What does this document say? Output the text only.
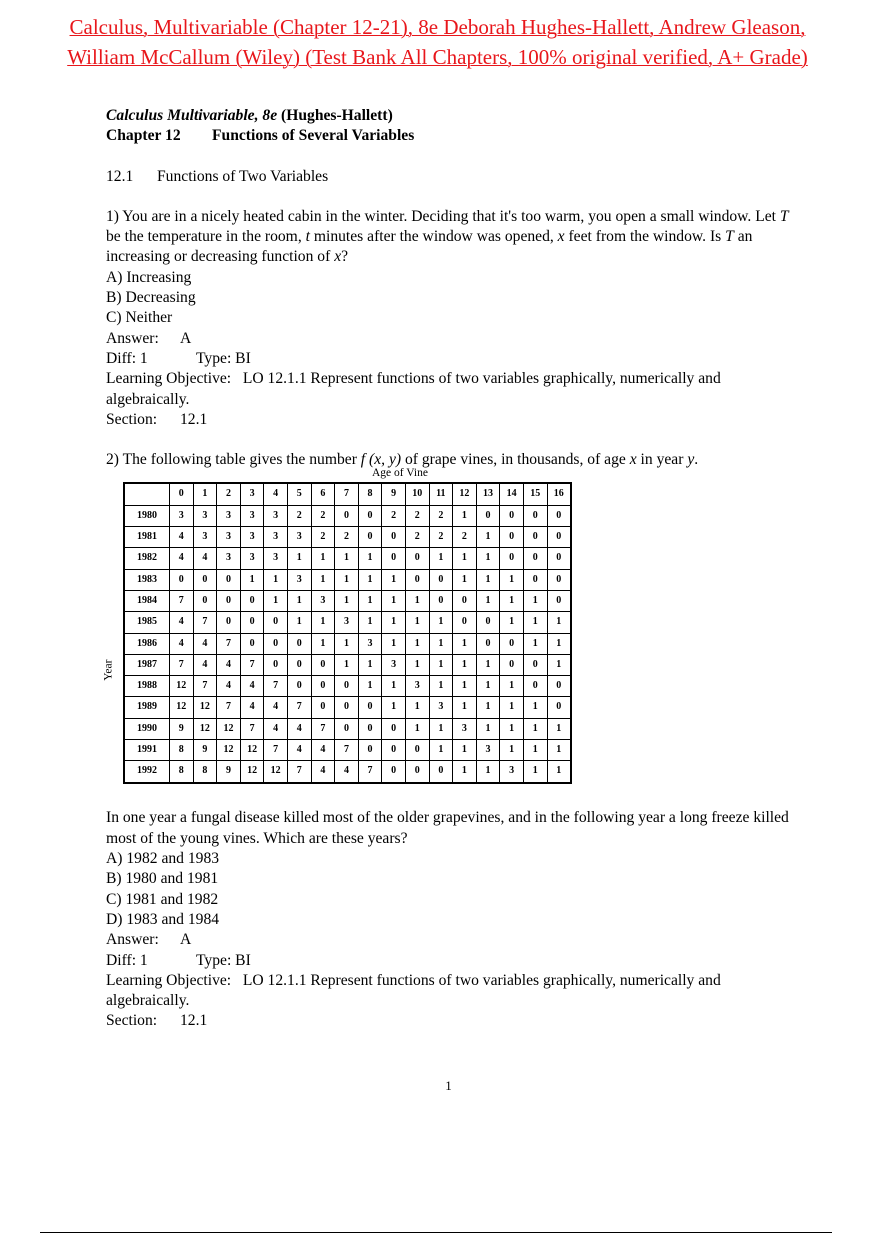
Calculus, Multivariable (Chapter 12-21), 8e Deborah Hughes-Hallett, Andrew Gleason,
William McCallum (Wiley) (Test Bank All Chapters, 100% original verified, A+ Grade)

Calculus Multivariable, 8e (Hughes-Hallett)

Chapter 12 Functions of Several Variables

12.1 Functions of Two Variables

1) You are in a nicely heated cabin in the winter. Deciding that it's too warm, you open a small window. Let T be the temperature in the room, t minutes after the window was opened, x feet from the window. Is T an increasing or decreasing function of x?

A) Increasing

B) Decreasing

C) Neither

Answer: A

Diff: 1	Type: BI

Learning Objective: LO 12.1.1 Represent functions of two variables graphically, numerically and algebraically.

Section: 12.1

2) The following table gives the number f (x, y) of grape vines, in thousands, of age x in year y.

Age of Vine
Year
	0	1	2	3	4	5	6	7	8	9	10	11	12	13	14	15	16
1980	3	3	3	3	3	2	2	0	0	2	2	2	1	0	0	0	0
1981	4	3	3	3	3	3	2	2	0	0	2	2	2	1	0	0	0
1982	4	4	3	3	3	1	1	1	1	0	0	1	1	1	0	0	0
1983	0	0	0	1	1	3	1	1	1	1	0	0	1	1	1	0	0
1984	7	0	0	0	1	1	3	1	1	1	1	0	0	1	1	1	0
1985	4	7	0	0	0	1	1	3	1	1	1	1	0	0	1	1	1
1986	4	4	7	0	0	0	1	1	3	1	1	1	1	0	0	1	1
1987	7	4	4	7	0	0	0	1	1	3	1	1	1	1	0	0	1
1988	12	7	4	4	7	0	0	0	1	1	3	1	1	1	1	0	0
1989	12	12	7	4	4	7	0	0	0	1	1	3	1	1	1	1	0
1990	9	12	12	7	4	4	7	0	0	0	1	1	3	1	1	1	1
1991	8	9	12	12	7	4	4	7	0	0	0	1	1	3	1	1	1
1992	8	8	9	12	12	7	4	4	7	0	0	0	1	1	3	1	1

In one year a fungal disease killed most of the older grapevines, and in the following year a long freeze killed most of the young vines. Which are these years?

A) 1982 and 1983

B) 1980 and 1981

C) 1981 and 1982

D) 1983 and 1984

Answer: A

Diff: 1	Type: BI

Learning Objective: LO 12.1.1 Represent functions of two variables graphically, numerically and algebraically.

Section: 12.1

1
